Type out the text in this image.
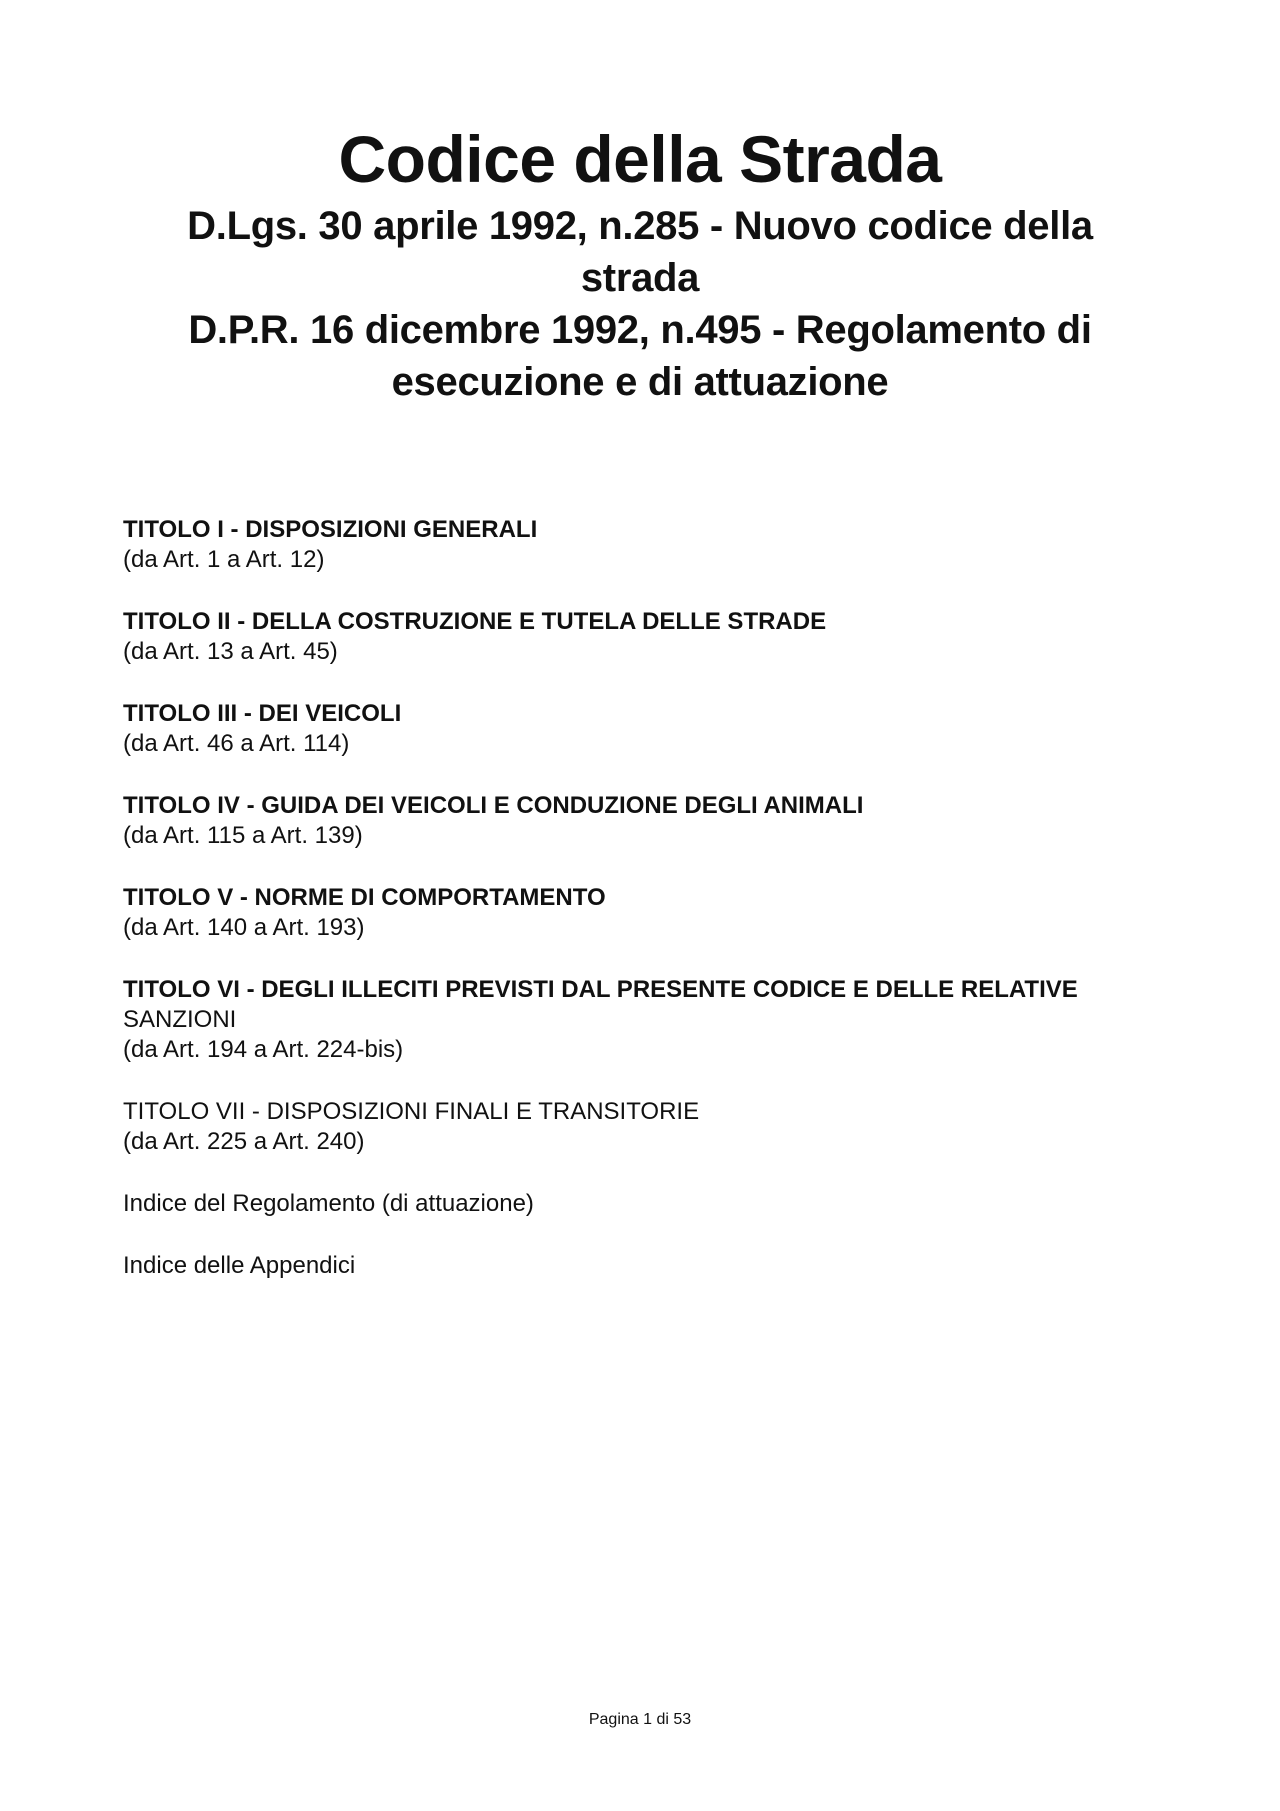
Codice della Strada
D.Lgs. 30 aprile 1992, n.285 - Nuovo codice della
strada
D.P.R. 16 dicembre 1992, n.495 - Regolamento di
esecuzione e di attuazione
TITOLO I - DISPOSIZIONI GENERALI
(da Art. 1 a Art. 12)
TITOLO II - DELLA COSTRUZIONE E TUTELA DELLE STRADE
(da Art. 13 a Art. 45)
TITOLO III - DEI VEICOLI
(da Art. 46 a Art. 114)
TITOLO IV - GUIDA DEI VEICOLI E CONDUZIONE DEGLI ANIMALI
(da Art. 115 a Art. 139)
TITOLO V - NORME DI COMPORTAMENTO
(da Art. 140 a Art. 193)
TITOLO VI - DEGLI ILLECITI PREVISTI DAL PRESENTE CODICE E DELLE RELATIVE
SANZIONI
(da Art. 194 a Art. 224-bis)
TITOLO VII - DISPOSIZIONI FINALI E TRANSITORIE
(da Art. 225 a Art. 240)
Indice del Regolamento (di attuazione)
Indice delle Appendici
Pagina 1 di 53
